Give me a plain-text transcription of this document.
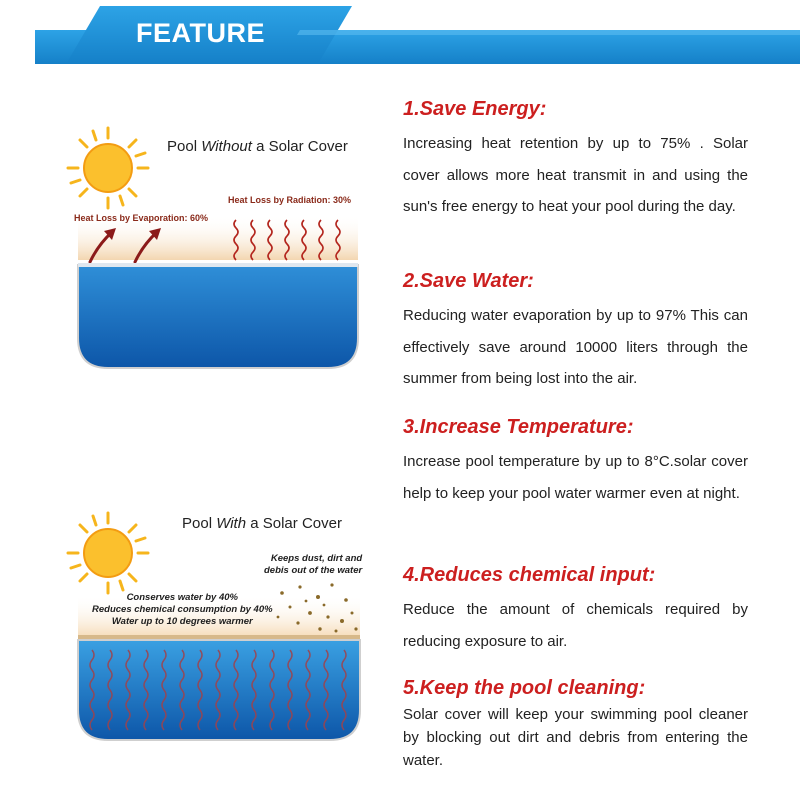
FEATURE
Pool Without a Solar Cover
Heat Loss by Radiation: 30%
Heat Loss by Evaporation: 60%
Pool With a Solar Cover
Keeps dust, dirt and
debis out of the water
Conserves water by 40%
Reduces chemical consumption by 40%
Water up to 10 degrees warmer
1.Save Energy:
Increasing heat retention by up to 75% . Solar cover allows more heat transmit in and using the sun's free energy to heat your pool during the day.
2.Save Water:
Reducing water evaporation by up to 97% This can effectively save around 10000 liters through the summer from being lost into the air.
3.Increase Temperature:
Increase pool temperature by up to 8°C.solar cover help to keep your pool water warmer even at night.
4.Reduces chemical input:
Reduce the amount of chemicals required by reducing exposure to air.
5.Keep the pool cleaning:
Solar cover will keep your swimming pool cleaner by blocking out dirt and debris from entering the water.
